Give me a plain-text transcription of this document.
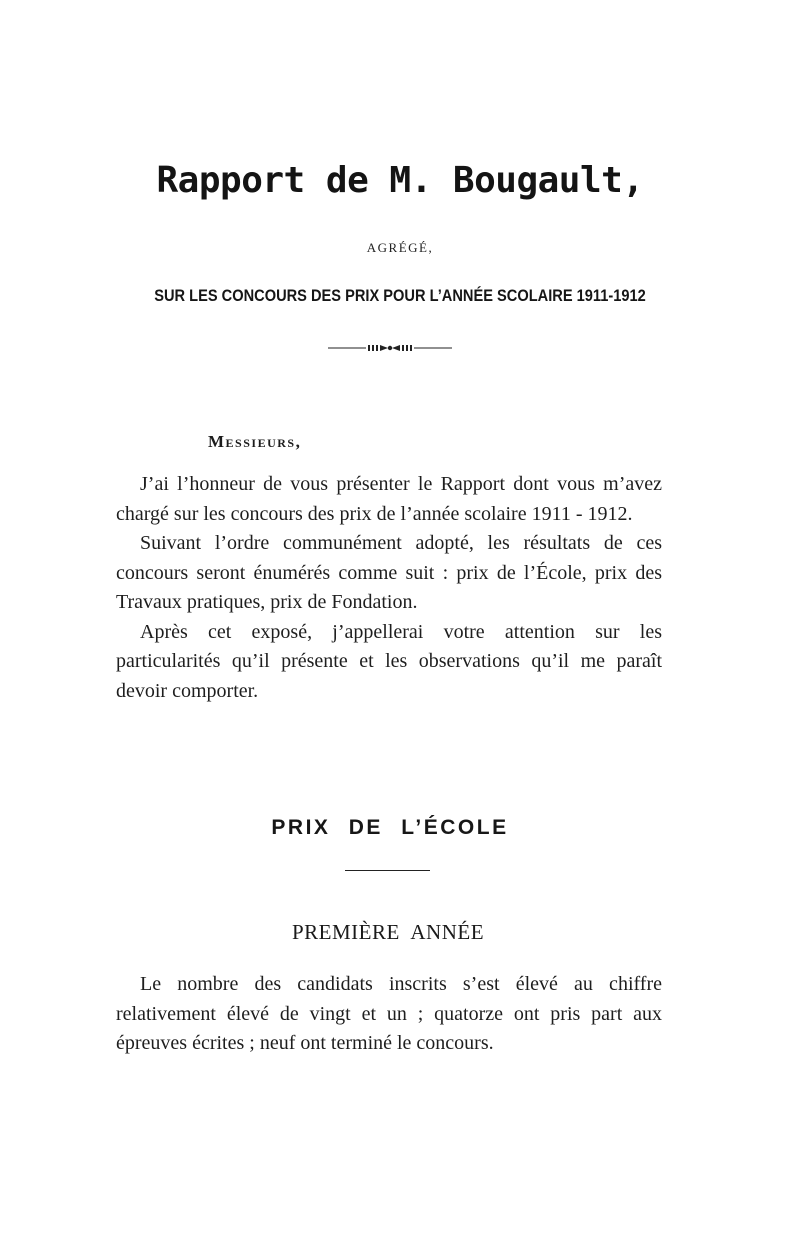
Rapport de M. Bougault,
AGRÉGÉ,
SUR LES CONCOURS DES PRIX POUR L’ANNÉE SCOLAIRE 1911-1912
Messieurs,

J’ai l’honneur de vous présenter le Rapport dont vous m’avez chargé sur les concours des prix de l’année scolaire 1911 - 1912.

Suivant l’ordre communément adopté, les résultats de ces concours seront énumérés comme suit : prix de l’École, prix des Travaux pratiques, prix de Fondation.

Après cet exposé, j’appellerai votre attention sur les particularités qu’il présente et les observations qu’il me paraît devoir comporter.

PRIX DE L’ÉCOLE
PREMIÈRE ANNÉE

Le nombre des candidats inscrits s’est élevé au chiffre relativement élevé de vingt et un ; quatorze ont pris part aux épreuves écrites ; neuf ont terminé le concours.
